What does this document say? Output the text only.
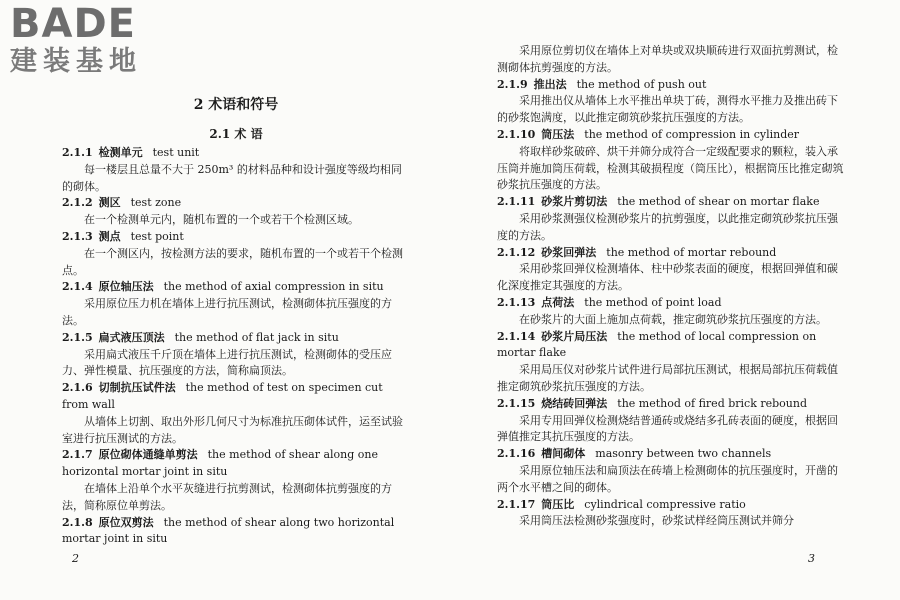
BADE
建装基地
2 术语和符号
2.1 术 语

2.1.1 检测单元 test unit

每一楼层且总量不大于 250m³ 的材料品种和设计强度等级均相同的砌体。

2.1.2 测区 test zone

在一个检测单元内，随机布置的一个或若干个检测区域。

2.1.3 测点 test point

在一个测区内，按检测方法的要求，随机布置的一个或若干个检测点。

2.1.4 原位轴压法 the method of axial compression in situ

采用原位压力机在墙体上进行抗压测试，检测砌体抗压强度的方法。

2.1.5 扁式液压顶法 the method of flat jack in situ

采用扁式液压千斤顶在墙体上进行抗压测试，检测砌体的受压应力、弹性模量、抗压强度的方法，简称扁顶法。

2.1.6 切制抗压试件法 the method of test on specimen cut from wall

从墙体上切割、取出外形几何尺寸为标准抗压砌体试件，运至试验室进行抗压测试的方法。

2.1.7 原位砌体通缝单剪法 the method of shear along one horizontal mortar joint in situ

在墙体上沿单个水平灰缝进行抗剪测试，检测砌体抗剪强度的方法，简称原位单剪法。

2.1.8 原位双剪法 the method of shear along two horizontal mortar joint in situ

采用原位剪切仪在墙体上对单块或双块顺砖进行双面抗剪测试，检测砌体抗剪强度的方法。

2.1.9 推出法 the method of push out

采用推出仪从墙体上水平推出单块丁砖，测得水平推力及推出砖下的砂浆饱满度，以此推定砌筑砂浆抗压强度的方法。

2.1.10 筒压法 the method of compression in cylinder

将取样砂浆破碎、烘干并筛分成符合一定级配要求的颗粒，装入承压筒并施加筒压荷载，检测其破损程度（筒压比），根据筒压比推定砌筑砂浆抗压强度的方法。

2.1.11 砂浆片剪切法 the method of shear on mortar flake

采用砂浆测强仪检测砂浆片的抗剪强度，以此推定砌筑砂浆抗压强度的方法。

2.1.12 砂浆回弹法 the method of mortar rebound

采用砂浆回弹仪检测墙体、柱中砂浆表面的硬度，根据回弹值和碳化深度推定其强度的方法。

2.1.13 点荷法 the method of point load

在砂浆片的大面上施加点荷载，推定砌筑砂浆抗压强度的方法。

2.1.14 砂浆片局压法 the method of local compression on mortar flake

采用局压仪对砂浆片试件进行局部抗压测试，根据局部抗压荷载值推定砌筑砂浆抗压强度的方法。

2.1.15 烧结砖回弹法 the method of fired brick rebound

采用专用回弹仪检测烧结普通砖或烧结多孔砖表面的硬度，根据回弹值推定其抗压强度的方法。

2.1.16 槽间砌体 masonry between two channels

采用原位轴压法和扁顶法在砖墙上检测砌体的抗压强度时，开凿的两个水平槽之间的砌体。

2.1.17 筒压比 cylindrical compressive ratio

采用筒压法检测砂浆强度时，砂浆试样经筒压测试并筛分

2	3
